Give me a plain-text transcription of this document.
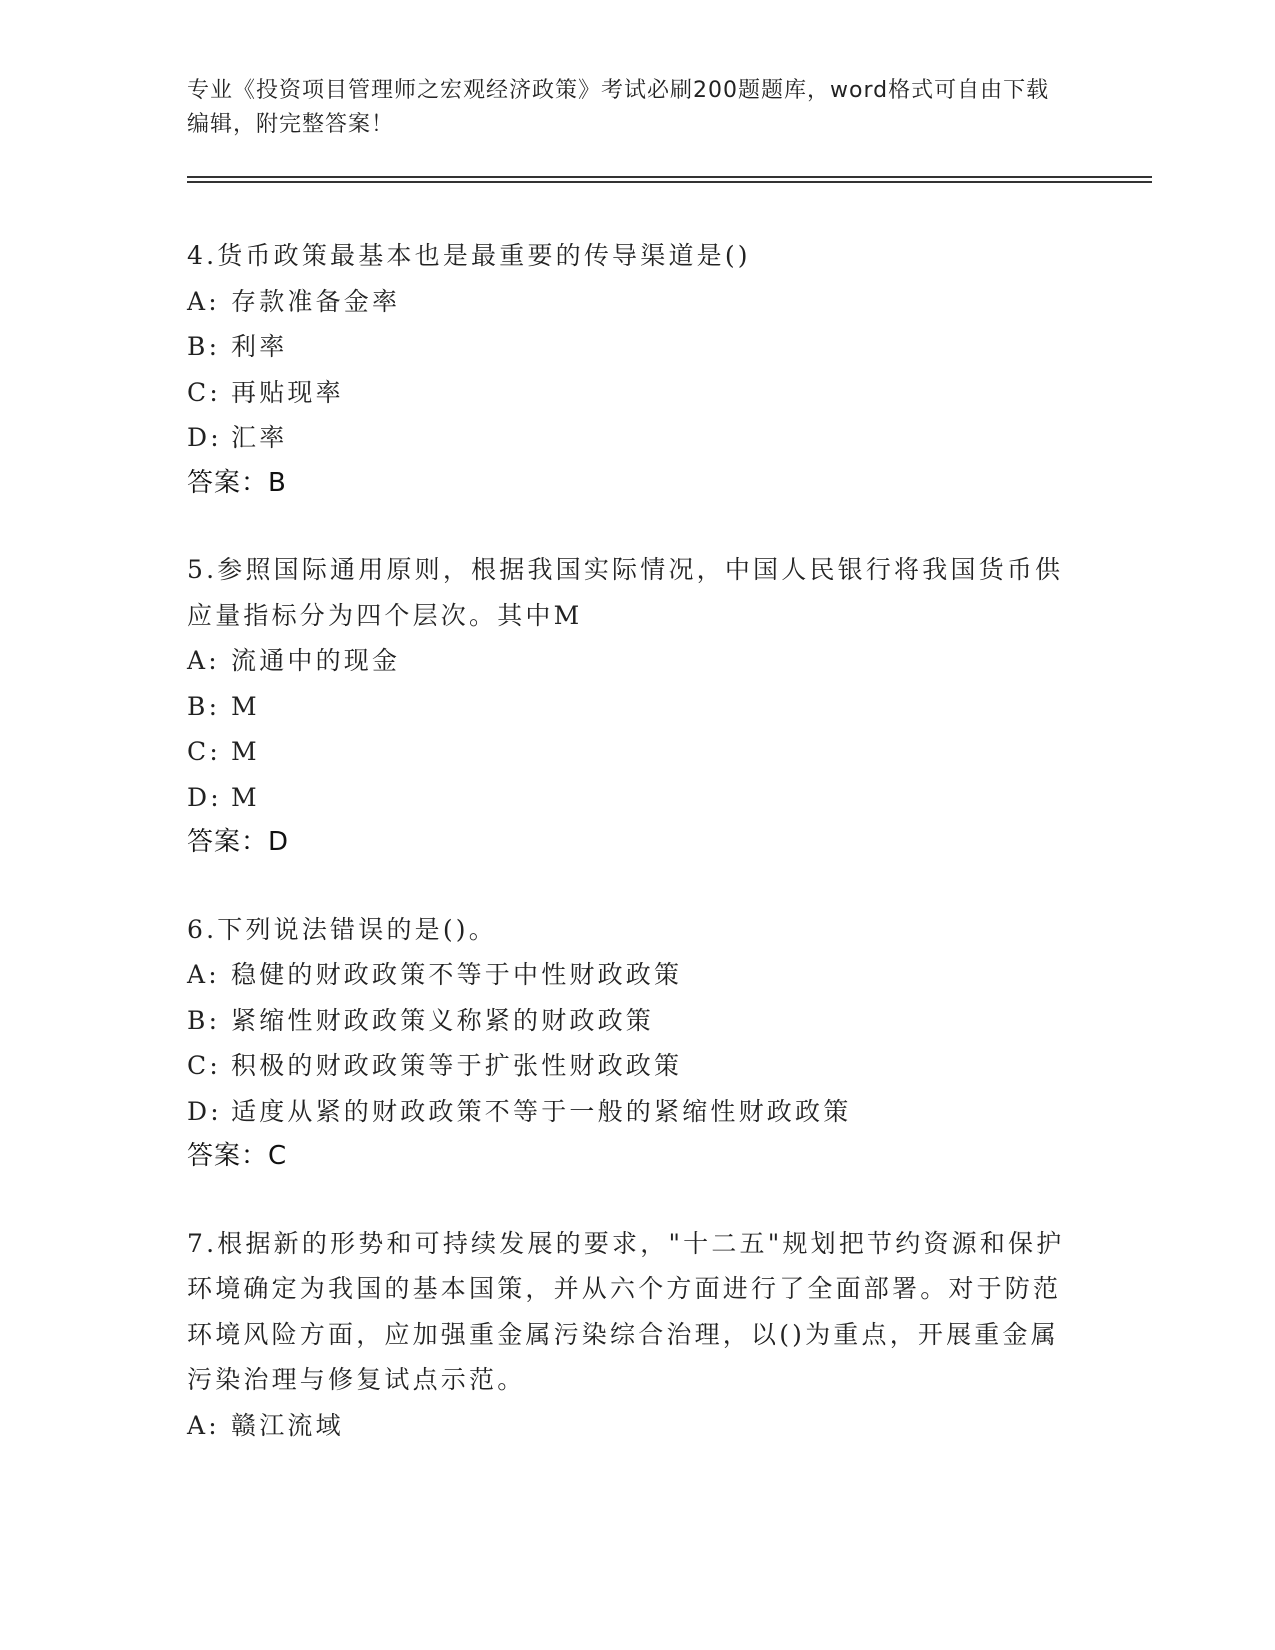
专业《投资项目管理师之宏观经济政策》考试必刷200题题库，word格式可自由下载编辑，附完整答案！
4.货币政策最基本也是最重要的传导渠道是()
A: 存款准备金率
B: 利率
C: 再贴现率
D: 汇率
答案：B
5.参照国际通用原则，根据我国实际情况，中国人民银行将我国货币供应量指标分为四个层次。其中M
A: 流通中的现金
B: M
C: M
D: M
答案：D
6.下列说法错误的是()。
A: 稳健的财政政策不等于中性财政政策
B: 紧缩性财政政策义称紧的财政政策
C: 积极的财政政策等于扩张性财政政策
D: 适度从紧的财政政策不等于一般的紧缩性财政政策
答案：C
7.根据新的形势和可持续发展的要求，"十二五"规划把节约资源和保护环境确定为我国的基本国策，并从六个方面进行了全面部署。对于防范环境风险方面，应加强重金属污染综合治理，以()为重点，开展重金属污染治理与修复试点示范。
A: 赣江流域
